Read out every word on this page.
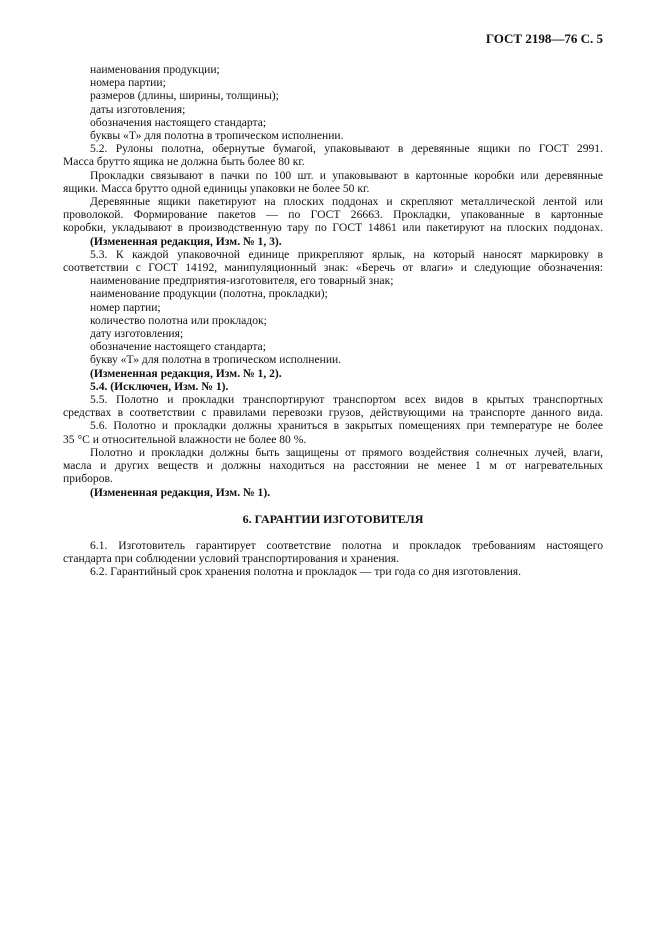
ГОСТ 2198—76 С. 5
наименования продукции;
номера партии;
размеров (длины, ширины, толщины);
даты изготовления;
обозначения настоящего стандарта;
буквы «Т» для полотна в тропическом исполнении.
5.2. Рулоны полотна, обернутые бумагой, упаковывают в деревянные ящики по ГОСТ 2991.
Масса брутто ящика не должна быть более 80 кг.
Прокладки связывают в пачки по 100 шт. и упаковывают в картонные коробки или деревянные
ящики. Масса брутто одной единицы упаковки не более 50 кг.
Деревянные ящики пакетируют на плоских поддонах и скрепляют металлической лентой или
проволокой. Формирование пакетов — по ГОСТ 26663. Прокладки, упакованные в картонные
коробки, укладывают в производственную тару по ГОСТ 14861 или пакетируют на плоских поддонах.
(Измененная редакция, Изм. № 1, 3).
5.3. К каждой упаковочной единице прикрепляют ярлык, на который наносят маркировку в
соответствии с ГОСТ 14192, манипуляционный знак: «Беречь от влаги» и следующие обозначения:
наименование предприятия-изготовителя, его товарный знак;
наименование продукции (полотна, прокладки);
номер партии;
количество полотна или прокладок;
дату изготовления;
обозначение настоящего стандарта;
букву «Т» для полотна в тропическом исполнении.
(Измененная редакция, Изм. № 1, 2).
5.4. (Исключен, Изм. № 1).
5.5. Полотно и прокладки транспортируют транспортом всех видов в крытых транспортных
средствах в соответствии с правилами перевозки грузов, действующими на транспорте данного вида.
5.6. Полотно и прокладки должны храниться в закрытых помещениях при температуре не более
35 °С и относительной влажности не более 80 %.
Полотно и прокладки должны быть защищены от прямого воздействия солнечных лучей, влаги,
масла и других веществ и должны находиться на расстоянии не менее 1 м от нагревательных
приборов.
(Измененная редакция, Изм. № 1).
6. ГАРАНТИИ ИЗГОТОВИТЕЛЯ
6.1. Изготовитель гарантирует соответствие полотна и прокладок требованиям настоящего
стандарта при соблюдении условий транспортирования и хранения.
6.2. Гарантийный срок хранения полотна и прокладок — три года со дня изготовления.
